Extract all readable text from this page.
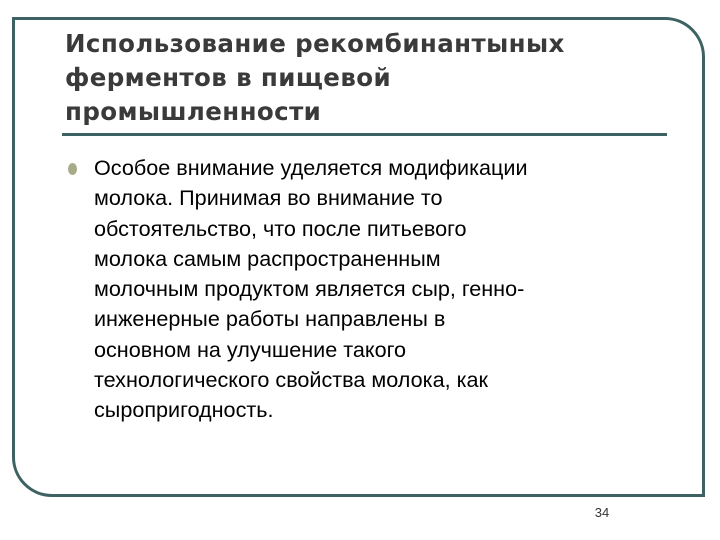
Использование рекомбинантыных
ферментов в пищевой
промышленности

Особое внимание уделяется модификации
молока. Принимая во внимание то
обстоятельство, что после питьевого
молока самым распространенным
молочным продуктом является сыр, генно-
инженерные работы направлены в
основном на улучшение такого
технологического свойства молока, как
сыропригодность.

34
